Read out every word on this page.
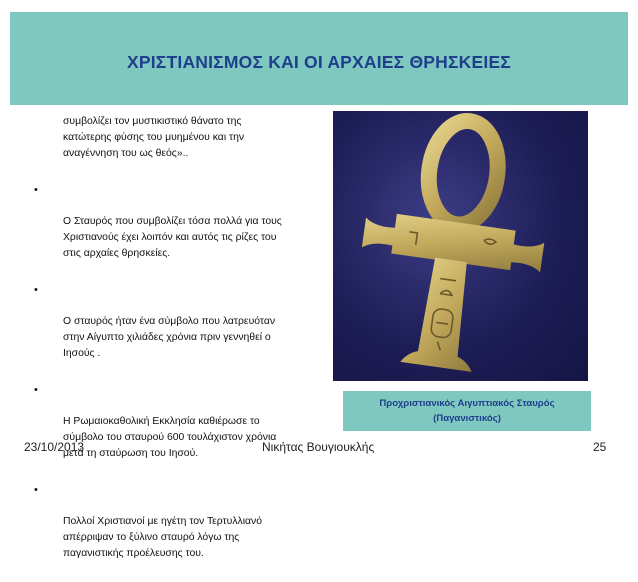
ΧΡΙΣΤΙΑΝΙΣΜΟΣ ΚΑΙ ΟΙ ΑΡΧΑΙΕΣ ΘΡΗΣΚΕΙΕΣ
συμβολίζει τον μυστικιστικό θάνατο της
κατώτερης φύσης του μυημένου και την
αναγέννηση του ως θεός»..

•

Ο Σταυρός που συμβολίζει τόσα πολλά για τους
Χριστιανούς έχει λοιπόν και αυτός τις ρίζες του
στις αρχαίες θρησκείες.

•

Ο σταυρός ήταν ένα σύμβολο που λατρευόταν
στην Αίγυπτο χιλιάδες χρόνια πριν γεννηθεί ο
Ιησούς .

•

Η Ρωμαιοκαθολική Εκκλησία καθιέρωσε το
σύμβολο του σταυρού 600 τουλάχιστον χρόνια
μετά τη σταύρωση του Ιησού.

•

Πολλοί Χριστιανοί με ηγέτη τον Τερτυλλιανό
απέρριψαν το ξύλινο σταυρό λόγω της
παγανιστικής προέλευσης του.

Προχριστιανικός Αιγυπτιακός Σταυρός
(Παγανιστικός)
23/10/2013	Νικήτας Βουγιουκλής	25
